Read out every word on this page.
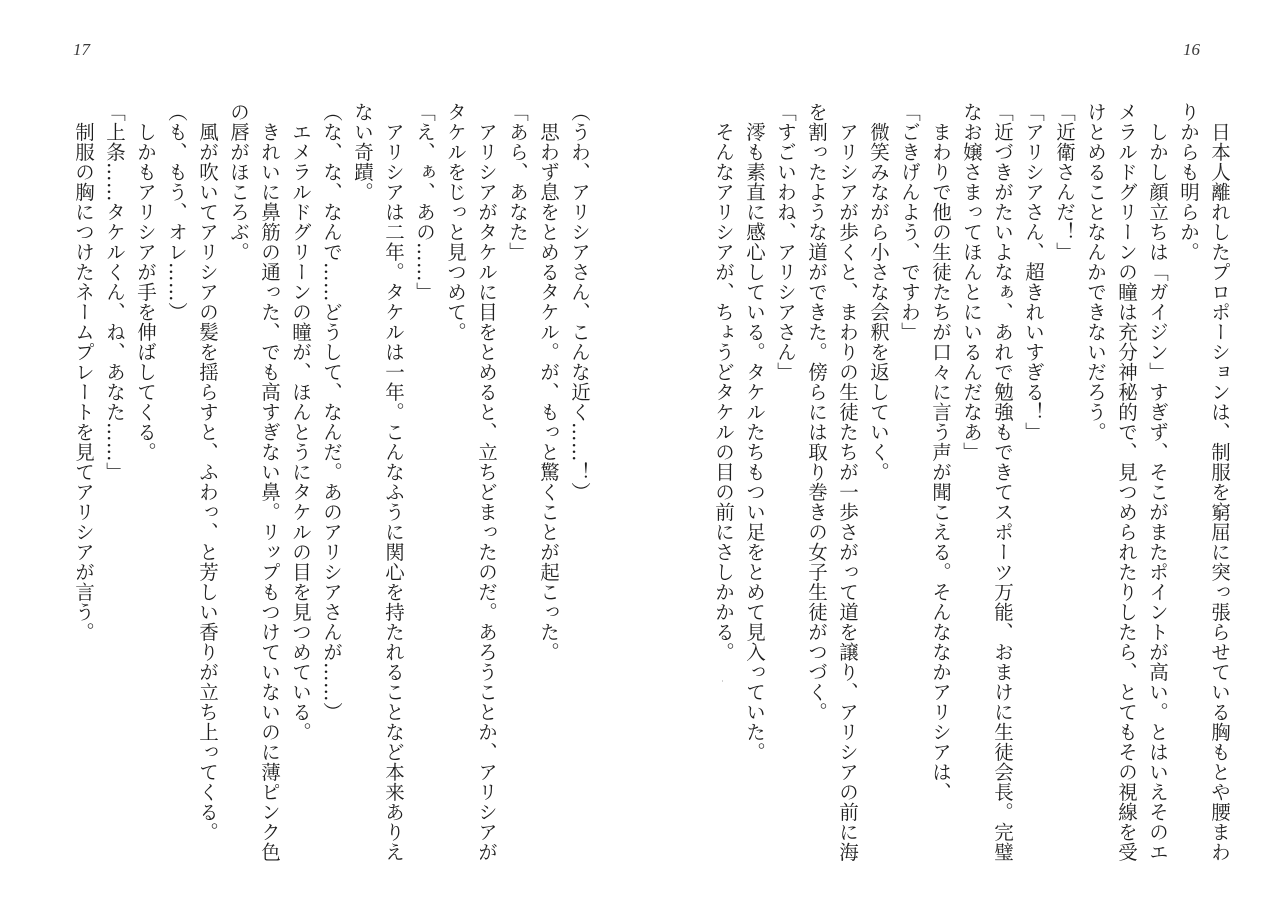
17	16
（うわ、アリシアさん、こんな近く……！）
　思わず息をとめるタケル。が、もっと驚くことが起こった。
「あら、あなた」
　アリシアがタケルに目をとめると、立ちどまったのだ。あろうことか、アリシアが
タケルをじっと見つめて。
「え、ぁ、あの……」
　アリシアは二年。タケルは一年。こんなふうに関心を持たれることなど本来ありえ
ない奇蹟。
（な、な、なんで……どうして、なんだ。あのアリシアさんが……）
　エメラルドグリーンの瞳が、ほんとうにタケルの目を見つめている。
　きれいに鼻筋の通った、でも高すぎない鼻。リップもつけていないのに薄ピンク色
の唇がほころぶ。
　風が吹いてアリシアの髪を揺らすと、ふわっ、と芳しい香りが立ち上ってくる。
（も、もう、オレ……）
　しかもアリシアが手を伸ばしてくる。
「上条……タケルくん、ね、あなた……」
　制服の胸につけたネームプレートを見てアリシアが言う。	　日本人離れしたプロポーションは、制服を窮屈に突っ張らせている胸もとや腰まわ
りからも明らか。
　しかし顔立ちは「ガイジン」すぎず、そこがまたポイントが高い。とはいえそのエ
メラルドグリーンの瞳は充分神秘的で、見つめられたりしたら、とてもその視線を受
けとめることなんかできないだろう。
「近衛さんだ！」
「アリシアさん、超きれいすぎる！」
「近づきがたいよなぁ、あれで勉強もできてスポーツ万能、おまけに生徒会長。完璧
なお嬢さまってほんとにいるんだなあ」
　まわりで他の生徒たちが口々に言う声が聞こえる。そんななかアリシアは、
「ごきげんよう、ですわ」
　微笑みながら小さな会釈を返していく。
　アリシアが歩くと、まわりの生徒たちが一歩さがって道を譲り、アリシアの前に海
を割ったような道ができた。傍らには取り巻きの女子生徒がつづく。
「すごいわね、アリシアさん」
　澪も素直に感心している。タケルたちもつい足をとめて見入っていた。
　そんなアリシアが、ちょうどタケルの目の前にさしかかる。
